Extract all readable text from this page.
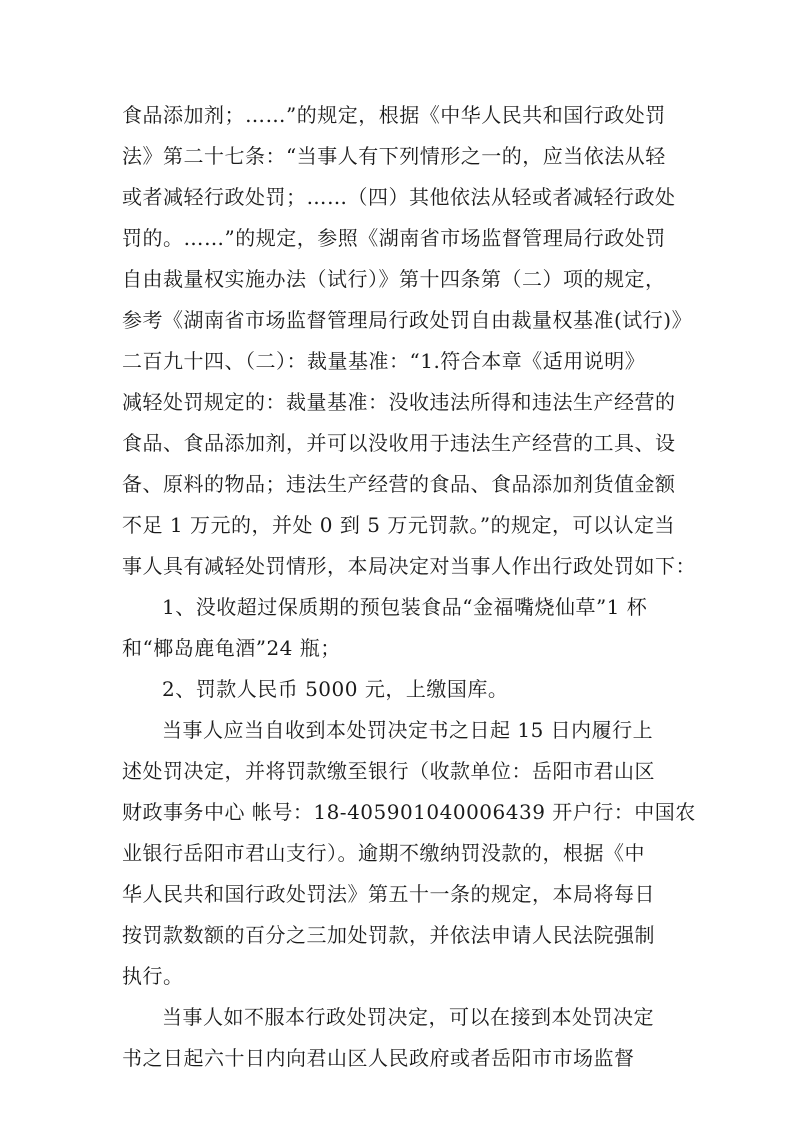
食品添加剂；……”的规定，根据《中华人民共和国行政处罚
法》第二十七条：“当事人有下列情形之一的，应当依法从轻
或者减轻行政处罚；……（四）其他依法从轻或者减轻行政处
罚的。……”的规定，参照《湖南省市场监督管理局行政处罚
自由裁量权实施办法（试行）》第十四条第（二）项的规定，
参考《湖南省市场监督管理局行政处罚自由裁量权基准(试行)》
二百九十四、（二）：裁量基准：“1.符合本章《适用说明》
减轻处罚规定的：裁量基准：没收违法所得和违法生产经营的
食品、食品添加剂，并可以没收用于违法生产经营的工具、设
备、原料的物品；违法生产经营的食品、食品添加剂货值金额
不足 1 万元的，并处 0 到 5 万元罚款。”的规定，可以认定当
事人具有减轻处罚情形，本局决定对当事人作出行政处罚如下：
1、没收超过保质期的预包装食品“金福嘴烧仙草”1 杯
和“椰岛鹿龟酒”24 瓶；
2、罚款人民币 5000 元，上缴国库。
当事人应当自收到本处罚决定书之日起 15 日内履行上
述处罚决定，并将罚款缴至银行（收款单位：岳阳市君山区
财政事务中心 帐号：18-405901040006439 开户行：中国农
业银行岳阳市君山支行）。逾期不缴纳罚没款的，根据《中
华人民共和国行政处罚法》第五十一条的规定，本局将每日
按罚款数额的百分之三加处罚款，并依法申请人民法院强制
执行。
当事人如不服本行政处罚决定，可以在接到本处罚决定
书之日起六十日内向君山区人民政府或者岳阳市市场监督
